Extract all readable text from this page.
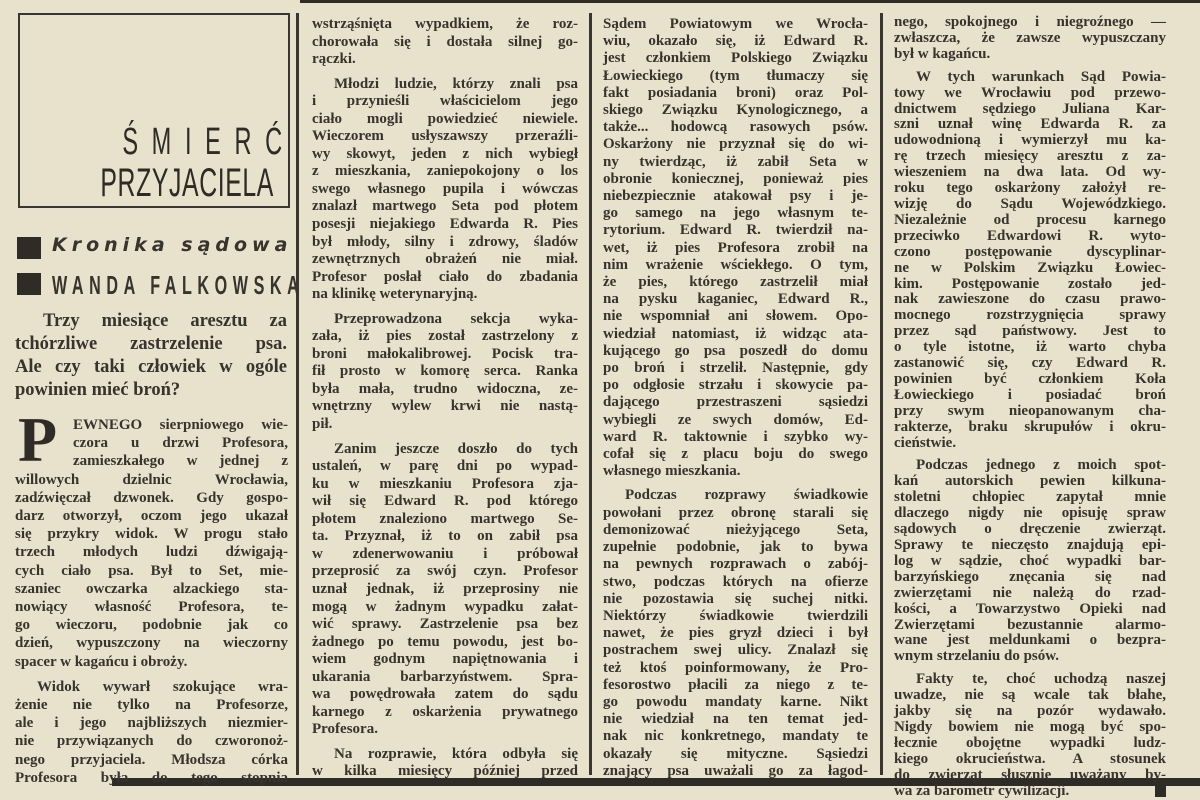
ŚMIERĆ
PRZYJACIELA
Kronika sądowa
WANDA FALKOWSKA
Trzy miesiące aresztu za
tchórzliwe zastrzelenie psa.
Ale czy taki człowiek w ogóle
powinien mieć broń?
P	EWNEGO sierpniowego wie-
czora u drzwi Profesora,
zamieszkałego w jednej z
willowych dzielnic Wrocławia,
zadźwięczał dzwonek. Gdy gospo-
darz otworzył, oczom jego ukazał
się przykry widok. W progu stało
trzech młodych ludzi dźwigają-
cych ciało psa. Był to Set, mie-
szaniec owczarka alzackiego sta-
nowiący własność Profesora, te-
go wieczoru, podobnie jak co
dzień, wypuszczony na wieczorny
spacer w kagańcu i obroży.
Widok wywarł szokujące wra-
żenie nie tylko na Profesorze,
ale i jego najbliższych niezmier-
nie przywiązanych do czworonoż-
nego przyjaciela. Młodsza córka
Profesora była do tego stopnia
wstrząśnięta wypadkiem, że roz-
chorowała się i dostała silnej go-
rączki.
Młodzi ludzie, którzy znali psa
i przynieśli właścicielom jego
ciało mogli powiedzieć niewiele.
Wieczorem usłyszawszy przeraźli-
wy skowyt, jeden z nich wybiegł
z mieszkania, zaniepokojony o los
swego własnego pupila i wówczas
znalazł martwego Seta pod płotem
posesji niejakiego Edwarda R. Pies
był młody, silny i zdrowy, śladów
zewnętrznych obrażeń nie miał.
Profesor posłał ciało do zbadania
na klinikę weterynaryjną.
Przeprowadzona sekcja wyka-
zała, iż pies został zastrzelony z
broni małokalibrowej. Pocisk tra-
fił prosto w komorę serca. Ranka
była mała, trudno widoczna, ze-
wnętrzny wylew krwi nie nastą-
pił.
Zanim jeszcze doszło do tych
ustaleń, w parę dni po wypad-
ku w mieszkaniu Profesora zja-
wił się Edward R. pod którego
płotem znaleziono martwego Se-
ta. Przyznał, iż to on zabił psa
w zdenerwowaniu i próbował
przeprosić za swój czyn. Profesor
uznał jednak, iż przeprosiny nie
mogą w żadnym wypadku załat-
wić sprawy. Zastrzelenie psa bez
żadnego po temu powodu, jest bo-
wiem godnym napiętnowania i
ukarania barbarzyństwem. Spra-
wa powędrowała zatem do sądu
karnego z oskarżenia prywatnego
Profesora.
Na rozprawie, która odbyła się
w kilka miesięcy później przed
Sądem Powiatowym we Wrocła-
wiu, okazało się, iż Edward R.
jest członkiem Polskiego Związku
Łowieckiego (tym tłumaczy się
fakt posiadania broni) oraz Pol-
skiego Związku Kynologicznego, a
także... hodowcą rasowych psów.
Oskarżony nie przyznał się do wi-
ny twierdząc, iż zabił Seta w
obronie koniecznej, ponieważ pies
niebezpiecznie atakował psy i je-
go samego na jego własnym te-
rytorium. Edward R. twierdził na-
wet, iż pies Profesora zrobił na
nim wrażenie wściekłego. O tym,
że pies, którego zastrzelił miał
na pysku kaganiec, Edward R.,
nie wspomniał ani słowem. Opo-
wiedział natomiast, iż widząc ata-
kującego go psa poszedł do domu
po broń i strzelił. Następnie, gdy
po odgłosie strzału i skowycie pa-
dającego przestraszeni sąsiedzi
wybiegli ze swych domów, Ed-
ward R. taktownie i szybko wy-
cofał się z placu boju do swego
własnego mieszkania.
Podczas rozprawy świadkowie
powołani przez obronę starali się
demonizować nieżyjącego Seta,
zupełnie podobnie, jak to bywa
na pewnych rozprawach o zabój-
stwo, podczas których na ofierze
nie pozostawia się suchej nitki.
Niektórzy świadkowie twierdzili
nawet, że pies gryzł dzieci i był
postrachem swej ulicy. Znalazł się
też ktoś poinformowany, że Pro-
fesorostwo płacili za niego z te-
go powodu mandaty karne. Nikt
nie wiedział na ten temat jed-
nak nic konkretnego, mandaty te
okazały się mityczne. Sąsiedzi
znający psa uważali go za łagod-
nego, spokojnego i niegroźnego —
zwłaszcza, że zawsze wypuszczany
był w kagańcu.
W tych warunkach Sąd Powia-
towy we Wrocławiu pod przewo-
dnictwem sędziego Juliana Kar-
szni uznał winę Edwarda R. za
udowodnioną i wymierzył mu ka-
rę trzech miesięcy aresztu z za-
wieszeniem na dwa lata. Od wy-
roku tego oskarżony założył re-
wizję do Sądu Wojewódzkiego.
Niezależnie od procesu karnego
przeciwko Edwardowi R. wyto-
czono postępowanie dyscyplinar-
ne w Polskim Związku Łowiec-
kim. Postępowanie zostało jed-
nak zawieszone do czasu prawo-
mocnego rozstrzygnięcia sprawy
przez sąd państwowy. Jest to
o tyle istotne, iż warto chyba
zastanowić się, czy Edward R.
powinien być członkiem Koła
Łowieckiego i posiadać broń
przy swym nieopanowanym cha-
rakterze, braku skrupułów i okru-
cieństwie.
Podczas jednego z moich spot-
kań autorskich pewien kilkuna-
stoletni chłopiec zapytał mnie
dlaczego nigdy nie opisuję spraw
sądowych o dręczenie zwierząt.
Sprawy te nieczęsto znajdują epi-
log w sądzie, choć wypadki bar-
barzyńskiego znęcania się nad
zwierzętami nie należą do rzad-
kości, a Towarzystwo Opieki nad
Zwierzętami bezustannie alarmo-
wane jest meldunkami o bezpra-
wnym strzelaniu do psów.
Fakty te, choć uchodzą naszej
uwadze, nie są wcale tak błahe,
jakby się na pozór wydawało.
Nigdy bowiem nie mogą być spo-
łecznie obojętne wypadki ludz-
kiego okrucieństwa. A stosunek
do zwierząt słusznie uważany by-
wa za barometr cywilizacji.
